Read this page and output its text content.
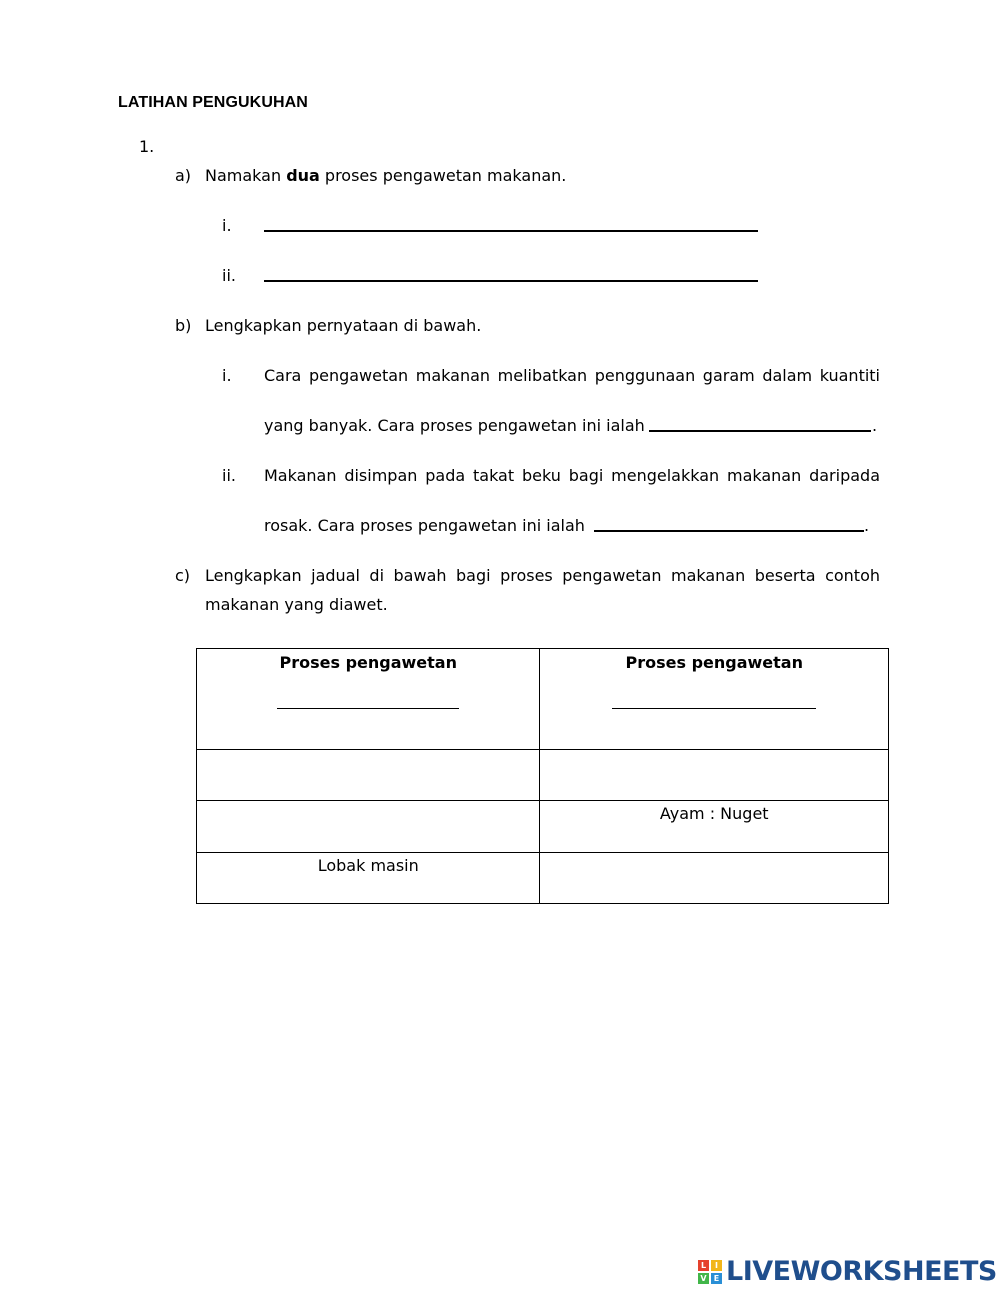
LATIHAN PENGUKUHAN
1.
a) Namakan dua proses pengawetan makanan.
i.
ii.
b) Lengkapkan pernyataan di bawah.
i. Cara pengawetan makanan melibatkan penggunaan garam dalam kuantiti
yang banyak. Cara proses pengawetan ini ialah	.
ii. Makanan disimpan pada takat beku bagi mengelakkan makanan daripada
rosak. Cara proses pengawetan ini ialah	.
c) Lengkapkan jadual di bawah bagi proses pengawetan makanan beserta contoh
makanan yang diawet.
Proses pengawetan	Proses pengawetan

	Ayam : Nuget

Lobak masin	

L	I
V E LIVEWORKSHEETS
